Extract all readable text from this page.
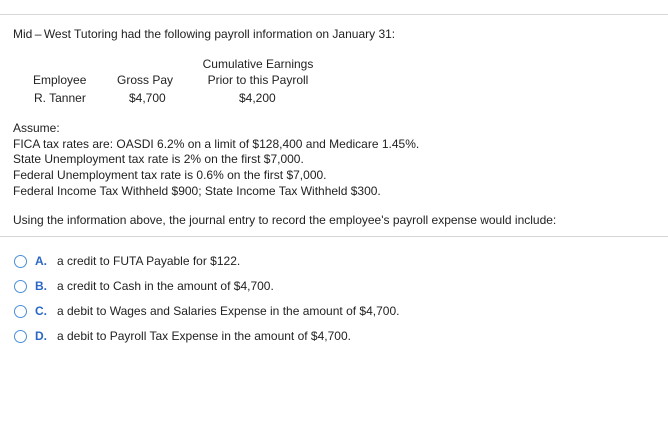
Mid – West Tutoring had the following payroll information on January 31:
Cumulative Earnings
Employee	Gross Pay	Prior to this Payroll
R. Tanner	$4,700	$4,200
Assume:
FICA tax rates are: OASDI 6.2% on a limit of $128,400 and Medicare 1.45%.
State Unemployment tax rate is 2% on the first $7,000.
Federal Unemployment tax rate is 0.6% on the first $7,000.
Federal Income Tax Withheld $900; State Income Tax Withheld $300.
Using the information above, the journal entry to record the employee's payroll expense would include:
A. a credit to FUTA Payable for $122.
B. a credit to Cash in the amount of $4,700.
C. a debit to Wages and Salaries Expense in the amount of $4,700.
D. a debit to Payroll Tax Expense in the amount of $4,700.
